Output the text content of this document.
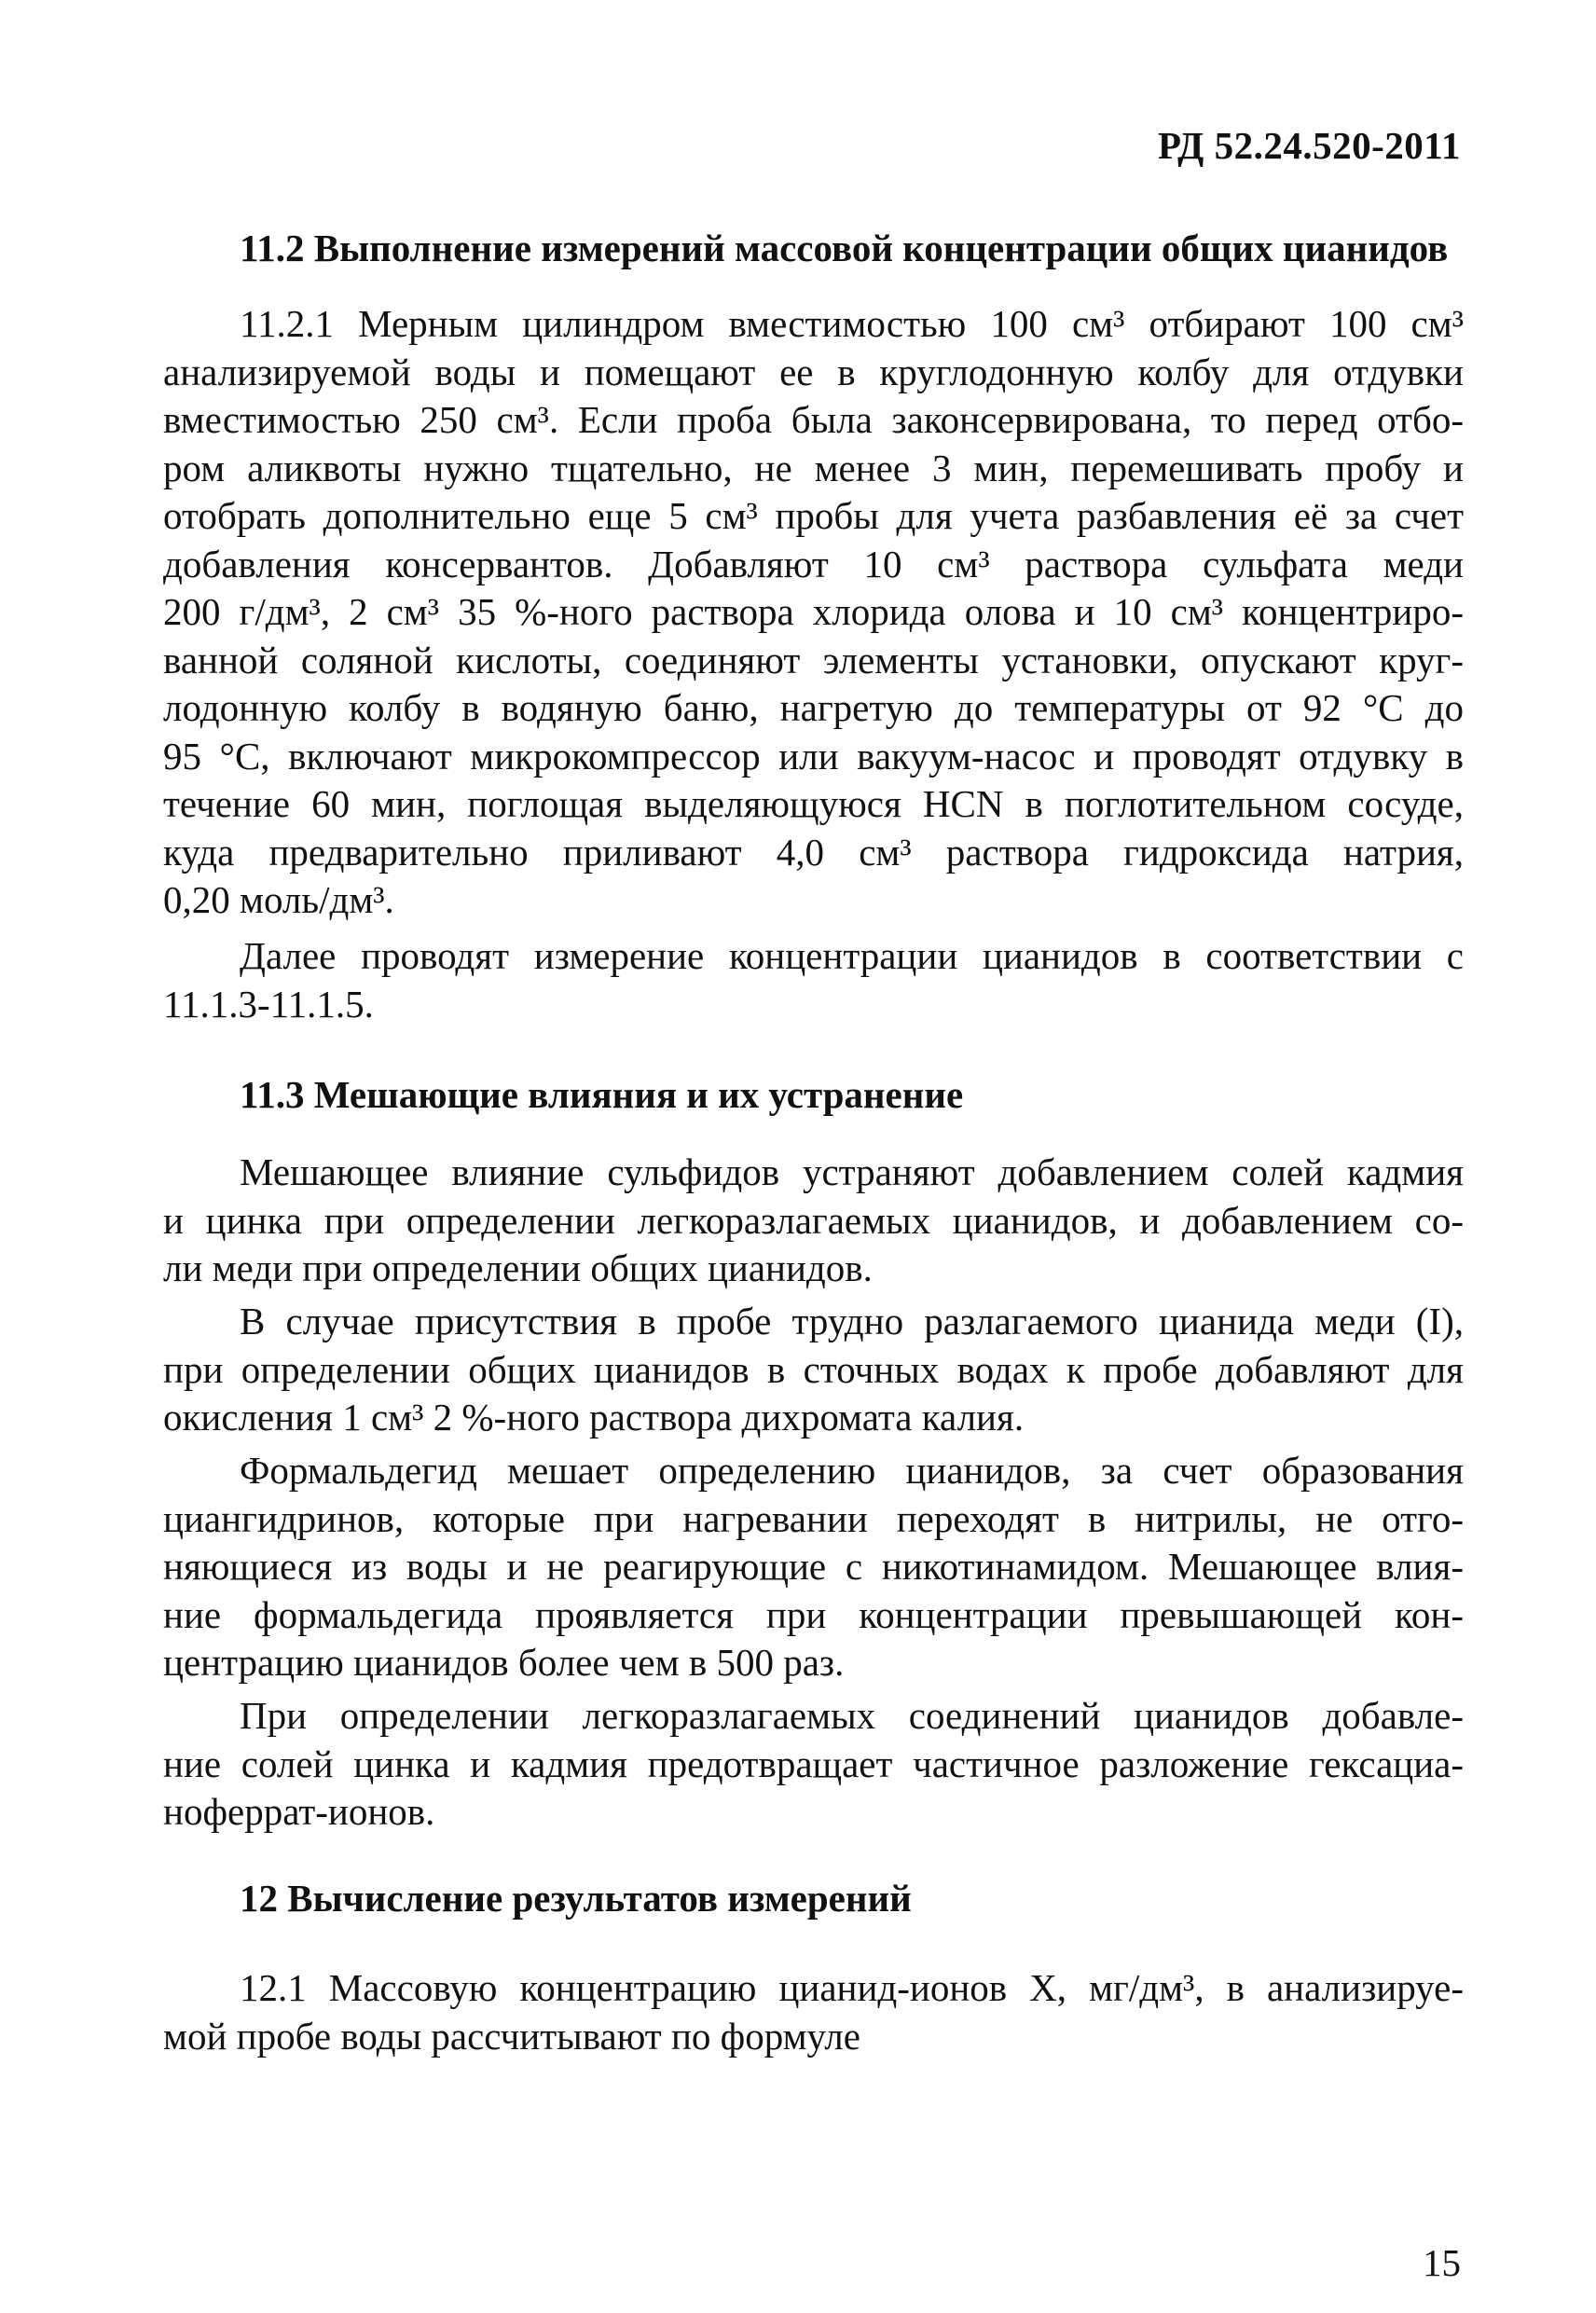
РД 52.24.520-2011
11.2 Выполнение измерений массовой концентрации общих цианидов
11.2.1 Мерным цилиндром вместимостью 100 см³ отбирают 100 см³
анализируемой воды и помещают ее в круглодонную колбу для отдувки
вместимостью 250 см³. Если проба была законсервирована, то перед отбо-
ром аликвоты нужно тщательно, не менее 3 мин, перемешивать пробу и
отобрать дополнительно еще 5 см³ пробы для учета разбавления её за счет
добавления консервантов. Добавляют 10 см³ раствора сульфата меди
200 г/дм³, 2 см³ 35 %-ного раствора хлорида олова и 10 см³ концентриро-
ванной соляной кислоты, соединяют элементы установки, опускают круг-
лодонную колбу в водяную баню, нагретую до температуры от 92 °С до
95 °С, включают микрокомпрессор или вакуум-насос и проводят отдувку в
течение 60 мин, поглощая выделяющуюся HCN в поглотительном сосуде,
куда предварительно приливают 4,0 см³ раствора гидроксида натрия,
0,20 моль/дм³.
Далее проводят измерение концентрации цианидов в соответствии с
11.1.3-11.1.5.
11.3 Мешающие влияния и их устранение
Мешающее влияние сульфидов устраняют добавлением солей кадмия
и цинка при определении легкоразлагаемых цианидов, и добавлением со-
ли меди при определении общих цианидов.
В случае присутствия в пробе трудно разлагаемого цианида меди (I),
при определении общих цианидов в сточных водах к пробе добавляют для
окисления 1 см³ 2 %-ного раствора дихромата калия.
Формальдегид мешает определению цианидов, за счет образования
циангидринов, которые при нагревании переходят в нитрилы, не отго-
няющиеся из воды и не реагирующие с никотинамидом. Мешающее влия-
ние формальдегида проявляется при концентрации превышающей кон-
центрацию цианидов более чем в 500 раз.
При определении легкоразлагаемых соединений цианидов добавле-
ние солей цинка и кадмия предотвращает частичное разложение гексациа-
ноферрат-ионов.
12 Вычисление результатов измерений
12.1 Массовую концентрацию цианид-ионов X, мг/дм³, в анализируе-
мой пробе воды рассчитывают по формуле
15
